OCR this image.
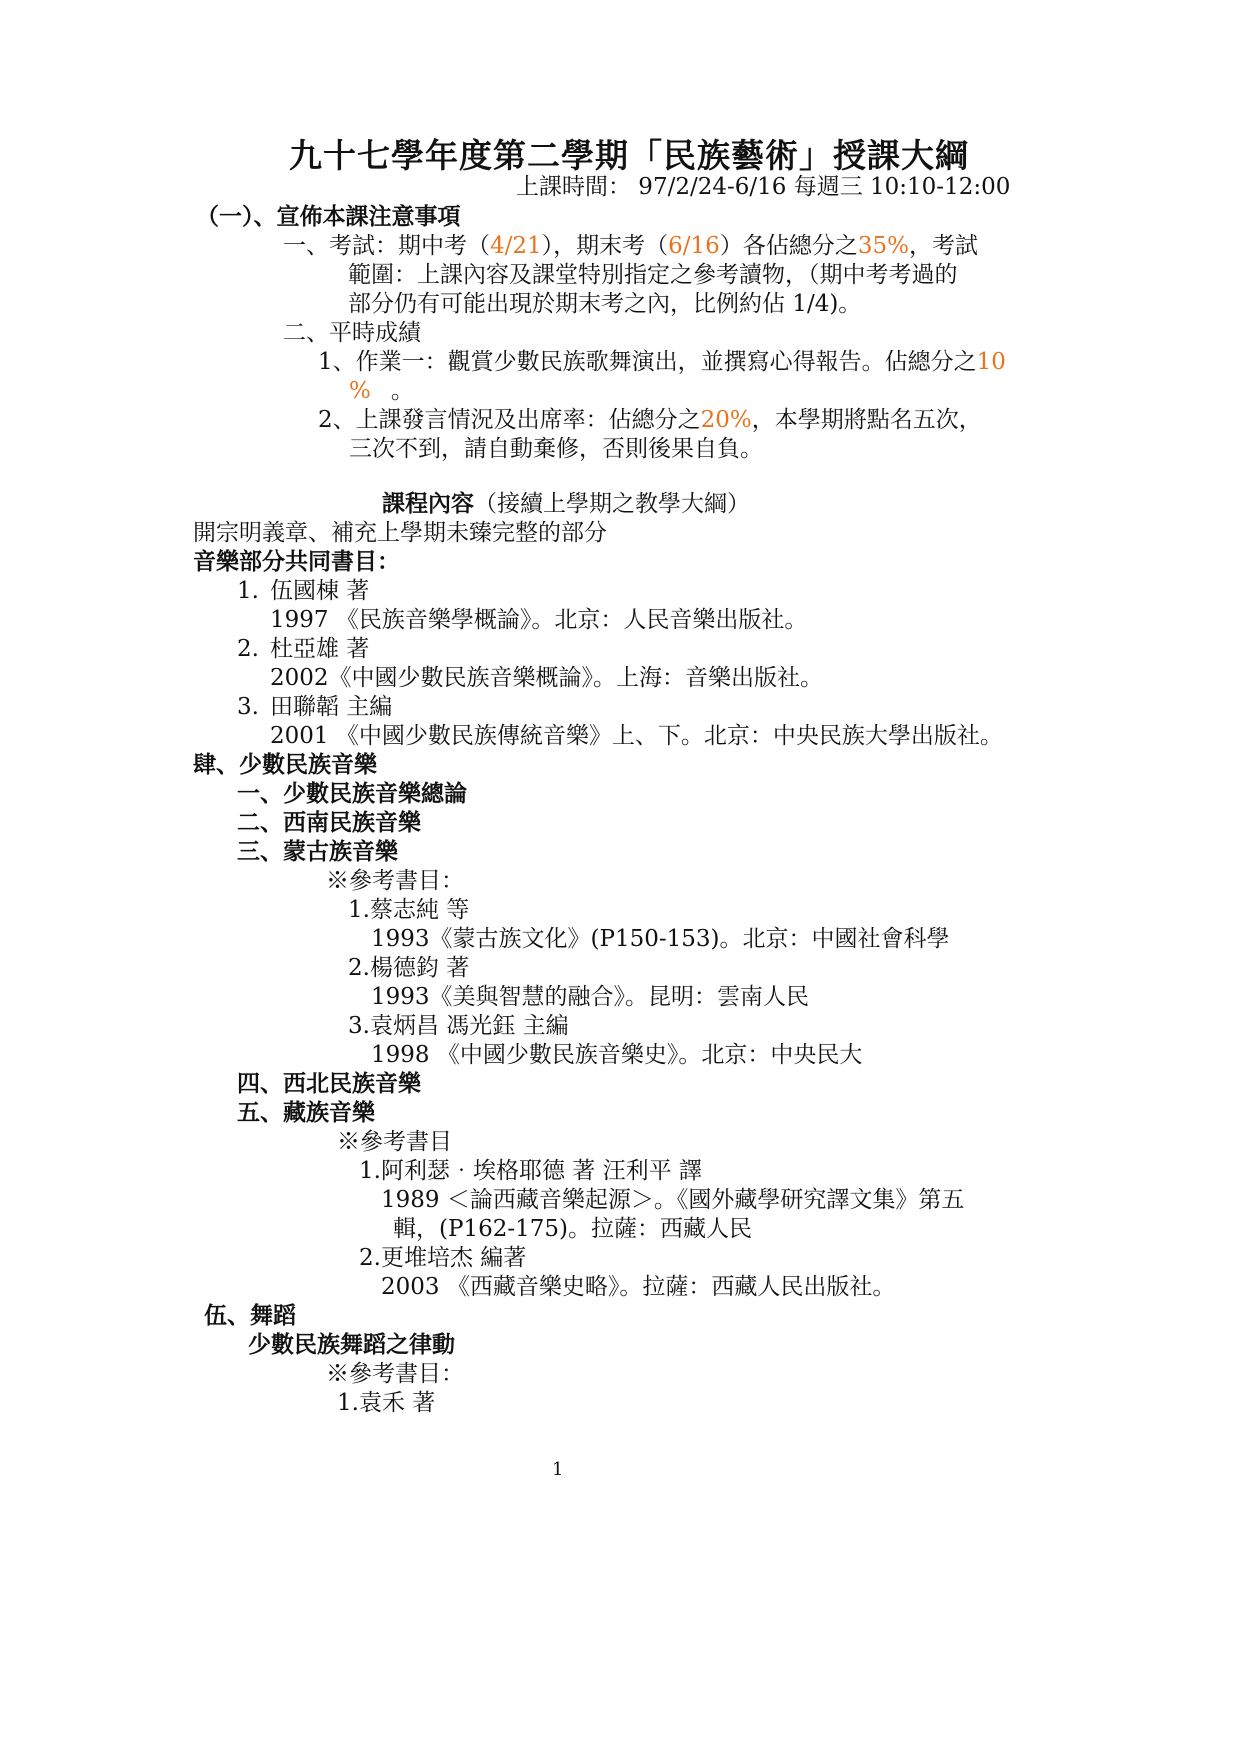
九十七學年度第二學期「民族藝術」授課大綱
上課時間： 97/2/24-6/16 每週三 10:10-12:00
（一）、宣佈本課注意事項
一、考試：期中考（4/21），期末考（6/16）各佔總分之35%，考試
範圍：上課內容及課堂特別指定之參考讀物，（期中考考過的
部分仍有可能出現於期末考之內，比例約佔 1/4)。
二、平時成績
1、作業一：觀賞少數民族歌舞演出，並撰寫心得報告。佔總分之10
% 。
2、上課發言情況及出席率：佔總分之20%，本學期將點名五次，
三次不到，請自動棄修，否則後果自負。
課程內容（接續上學期之教學大綱）
開宗明義章、補充上學期未臻完整的部分
音樂部分共同書目：
1. 伍國棟 著
1997 《民族音樂學概論》。北京：人民音樂出版社。
2. 杜亞雄 著
2002《中國少數民族音樂概論》。上海：音樂出版社。
3. 田聯韜 主編
2001 《中國少數民族傳統音樂》上、下。北京：中央民族大學出版社。
肆、少數民族音樂
一、少數民族音樂總論
二、西南民族音樂
三、蒙古族音樂
※參考書目：
1.蔡志純 等
1993《蒙古族文化》(P150-153)。北京：中國社會科學
2.楊德鈞 著
1993《美與智慧的融合》。昆明：雲南人民
3.袁炳昌 馮光鈺 主編
1998 《中國少數民族音樂史》。北京：中央民大
四、西北民族音樂
五、藏族音樂
※參考書目
1.阿利瑟‧埃格耶德 著 汪利平 譯
1989 ＜論西藏音樂起源＞。《國外藏學研究譯文集》第五
輯，(P162-175)。拉薩：西藏人民
2.更堆培杰 編著
2003 《西藏音樂史略》。拉薩：西藏人民出版社。
伍、舞蹈
少數民族舞蹈之律動
※參考書目：
1.袁禾 著
1
